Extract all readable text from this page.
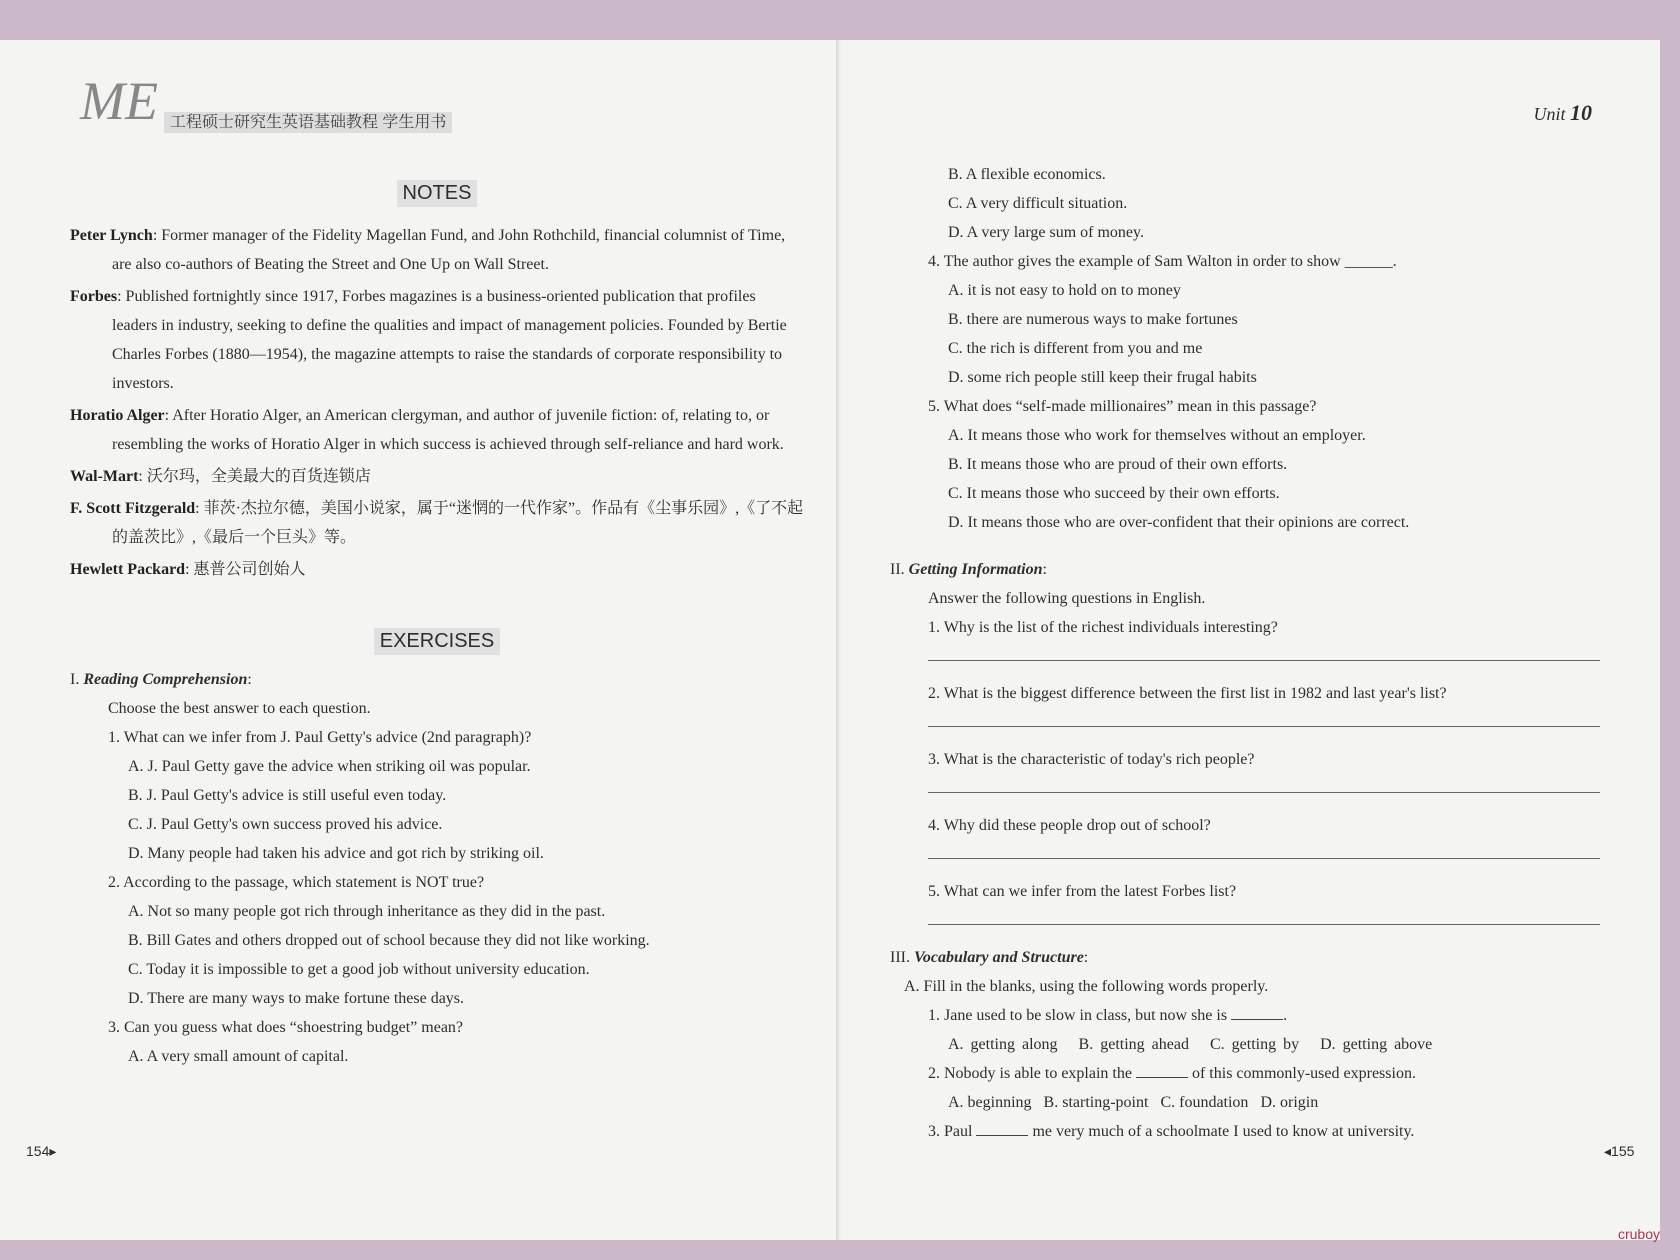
NOTES
Peter Lynch: Former manager of the Fidelity Magellan Fund, and John Rothchild, financial columnist of Time, are also co-authors of Beating the Street and One Up on Wall Street.
Forbes: Published fortnightly since 1917, Forbes magazines is a business-oriented publication that profiles leaders in industry, seeking to define the qualities and impact of management policies. Founded by Bertie Charles Forbes (1880—1954), the magazine attempts to raise the standards of corporate responsibility to investors.
Horatio Alger: After Horatio Alger, an American clergyman, and author of juvenile fiction: of, relating to, or resembling the works of Horatio Alger in which success is achieved through self-reliance and hard work.
Wal-Mart: 沃尔玛，全美最大的百货连锁店
F. Scott Fitzgerald: 菲茨·杰拉尔德，美国小说家，属于“迷惘的一代作家”。作品有《尘事乐园》,《了不起的盖茨比》,《最后一个巨头》等。
Hewlett Packard: 惠普公司创始人
EXERCISES
I. Reading Comprehension:
Choose the best answer to each question.
1. What can we infer from J. Paul Getty's advice (2nd paragraph)?
A. J. Paul Getty gave the advice when striking oil was popular.
B. J. Paul Getty's advice is still useful even today.
C. J. Paul Getty's own success proved his advice.
D. Many people had taken his advice and got rich by striking oil.
2. According to the passage, which statement is NOT true?
A. Not so many people got rich through inheritance as they did in the past.
B. Bill Gates and others dropped out of school because they did not like working.
C. Today it is impossible to get a good job without university education.
D. There are many ways to make fortune these days.
3. Can you guess what does “shoestring budget” mean?
A. A very small amount of capital.
B. A flexible economics.
C. A very difficult situation.
D. A very large sum of money.
4. The author gives the example of Sam Walton in order to show ______.
A. it is not easy to hold on to money
B. there are numerous ways to make fortunes
C. the rich is different from you and me
D. some rich people still keep their frugal habits
5. What does “self-made millionaires” mean in this passage?
A. It means those who work for themselves without an employer.
B. It means those who are proud of their own efforts.
C. It means those who succeed by their own efforts.
D. It means those who are over-confident that their opinions are correct.
II. Getting Information:
Answer the following questions in English.
1. Why is the list of the richest individuals interesting?
2. What is the biggest difference between the first list in 1982 and last year's list?
3. What is the characteristic of today's rich people?
4. Why did these people drop out of school?
5. What can we infer from the latest Forbes list?
III. Vocabulary and Structure:
A. Fill in the blanks, using the following words properly.
1. Jane used to be slow in class, but now she is	.
A. getting along B. getting ahead C. getting by D. getting above
2. Nobody is able to explain the	of this commonly-used expression.
A. beginning B. starting-point C. foundation D. origin
3. Paul	me very much of a schoolmate I used to know at university.
ME 工程硕士研究生英语基础教程 学生用书	Unit 10
154▸	◂155
cruboy
